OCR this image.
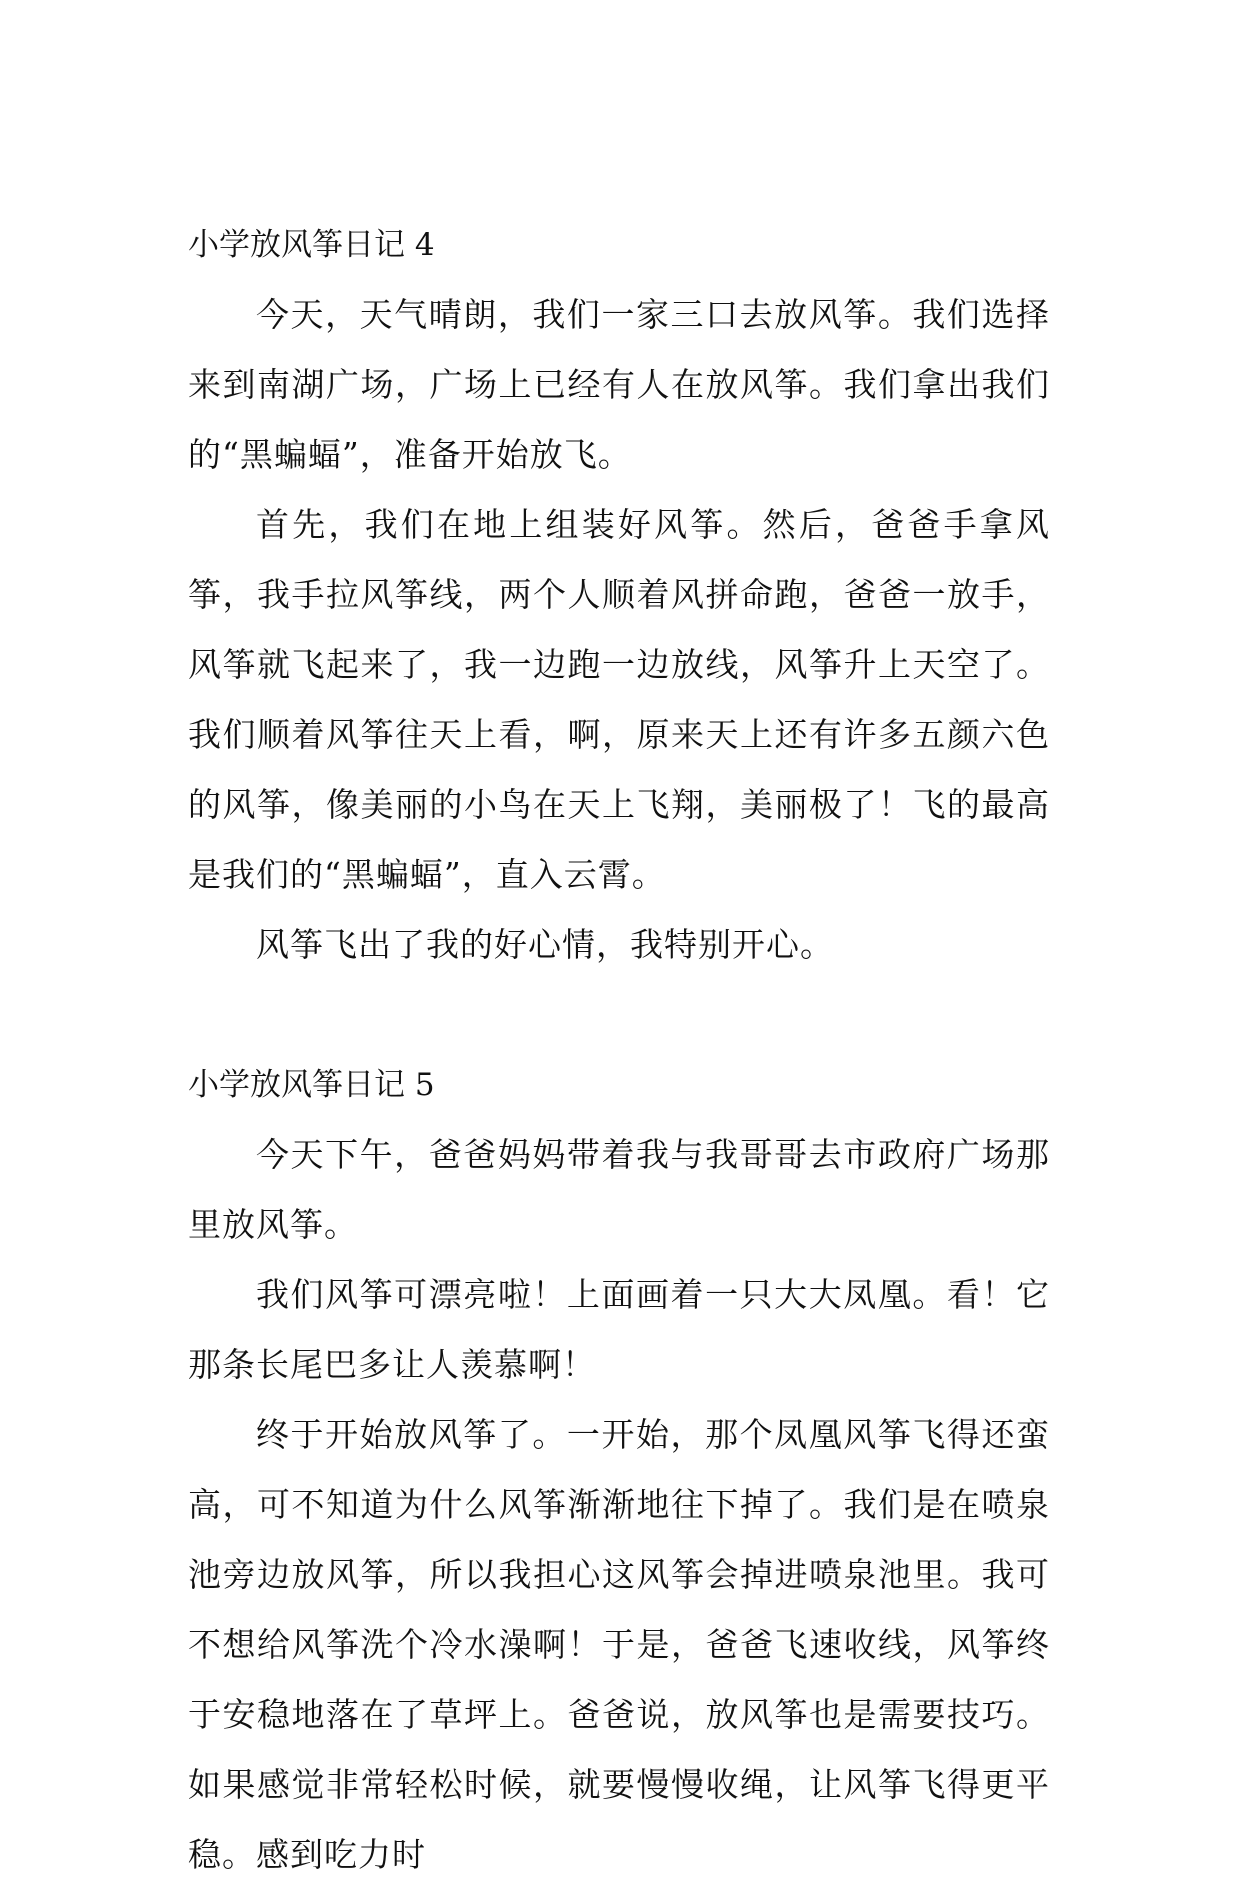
小学放风筝日记 4

今天，天气晴朗，我们一家三口去放风筝。我们选择来到南湖广场，广场上已经有人在放风筝。我们拿出我们的“黑蝙蝠”，准备开始放飞。

首先，我们在地上组装好风筝。然后，爸爸手拿风筝，我手拉风筝线，两个人顺着风拼命跑，爸爸一放手，风筝就飞起来了，我一边跑一边放线，风筝升上天空了。我们顺着风筝往天上看，啊，原来天上还有许多五颜六色的风筝，像美丽的小鸟在天上飞翔，美丽极了！飞的最高是我们的“黑蝙蝠”，直入云霄。

风筝飞出了我的好心情，我特别开心。

小学放风筝日记 5

今天下午，爸爸妈妈带着我与我哥哥去市政府广场那里放风筝。

我们风筝可漂亮啦！上面画着一只大大凤凰。看！它那条长尾巴多让人羡慕啊！

终于开始放风筝了。一开始，那个凤凰风筝飞得还蛮高，可不知道为什么风筝渐渐地往下掉了。我们是在喷泉池旁边放风筝，所以我担心这风筝会掉进喷泉池里。我可不想给风筝洗个冷水澡啊！于是，爸爸飞速收线，风筝终于安稳地落在了草坪上。爸爸说，放风筝也是需要技巧。如果感觉非常轻松时候，就要慢慢收绳，让风筝飞得更平稳。感到吃力时
